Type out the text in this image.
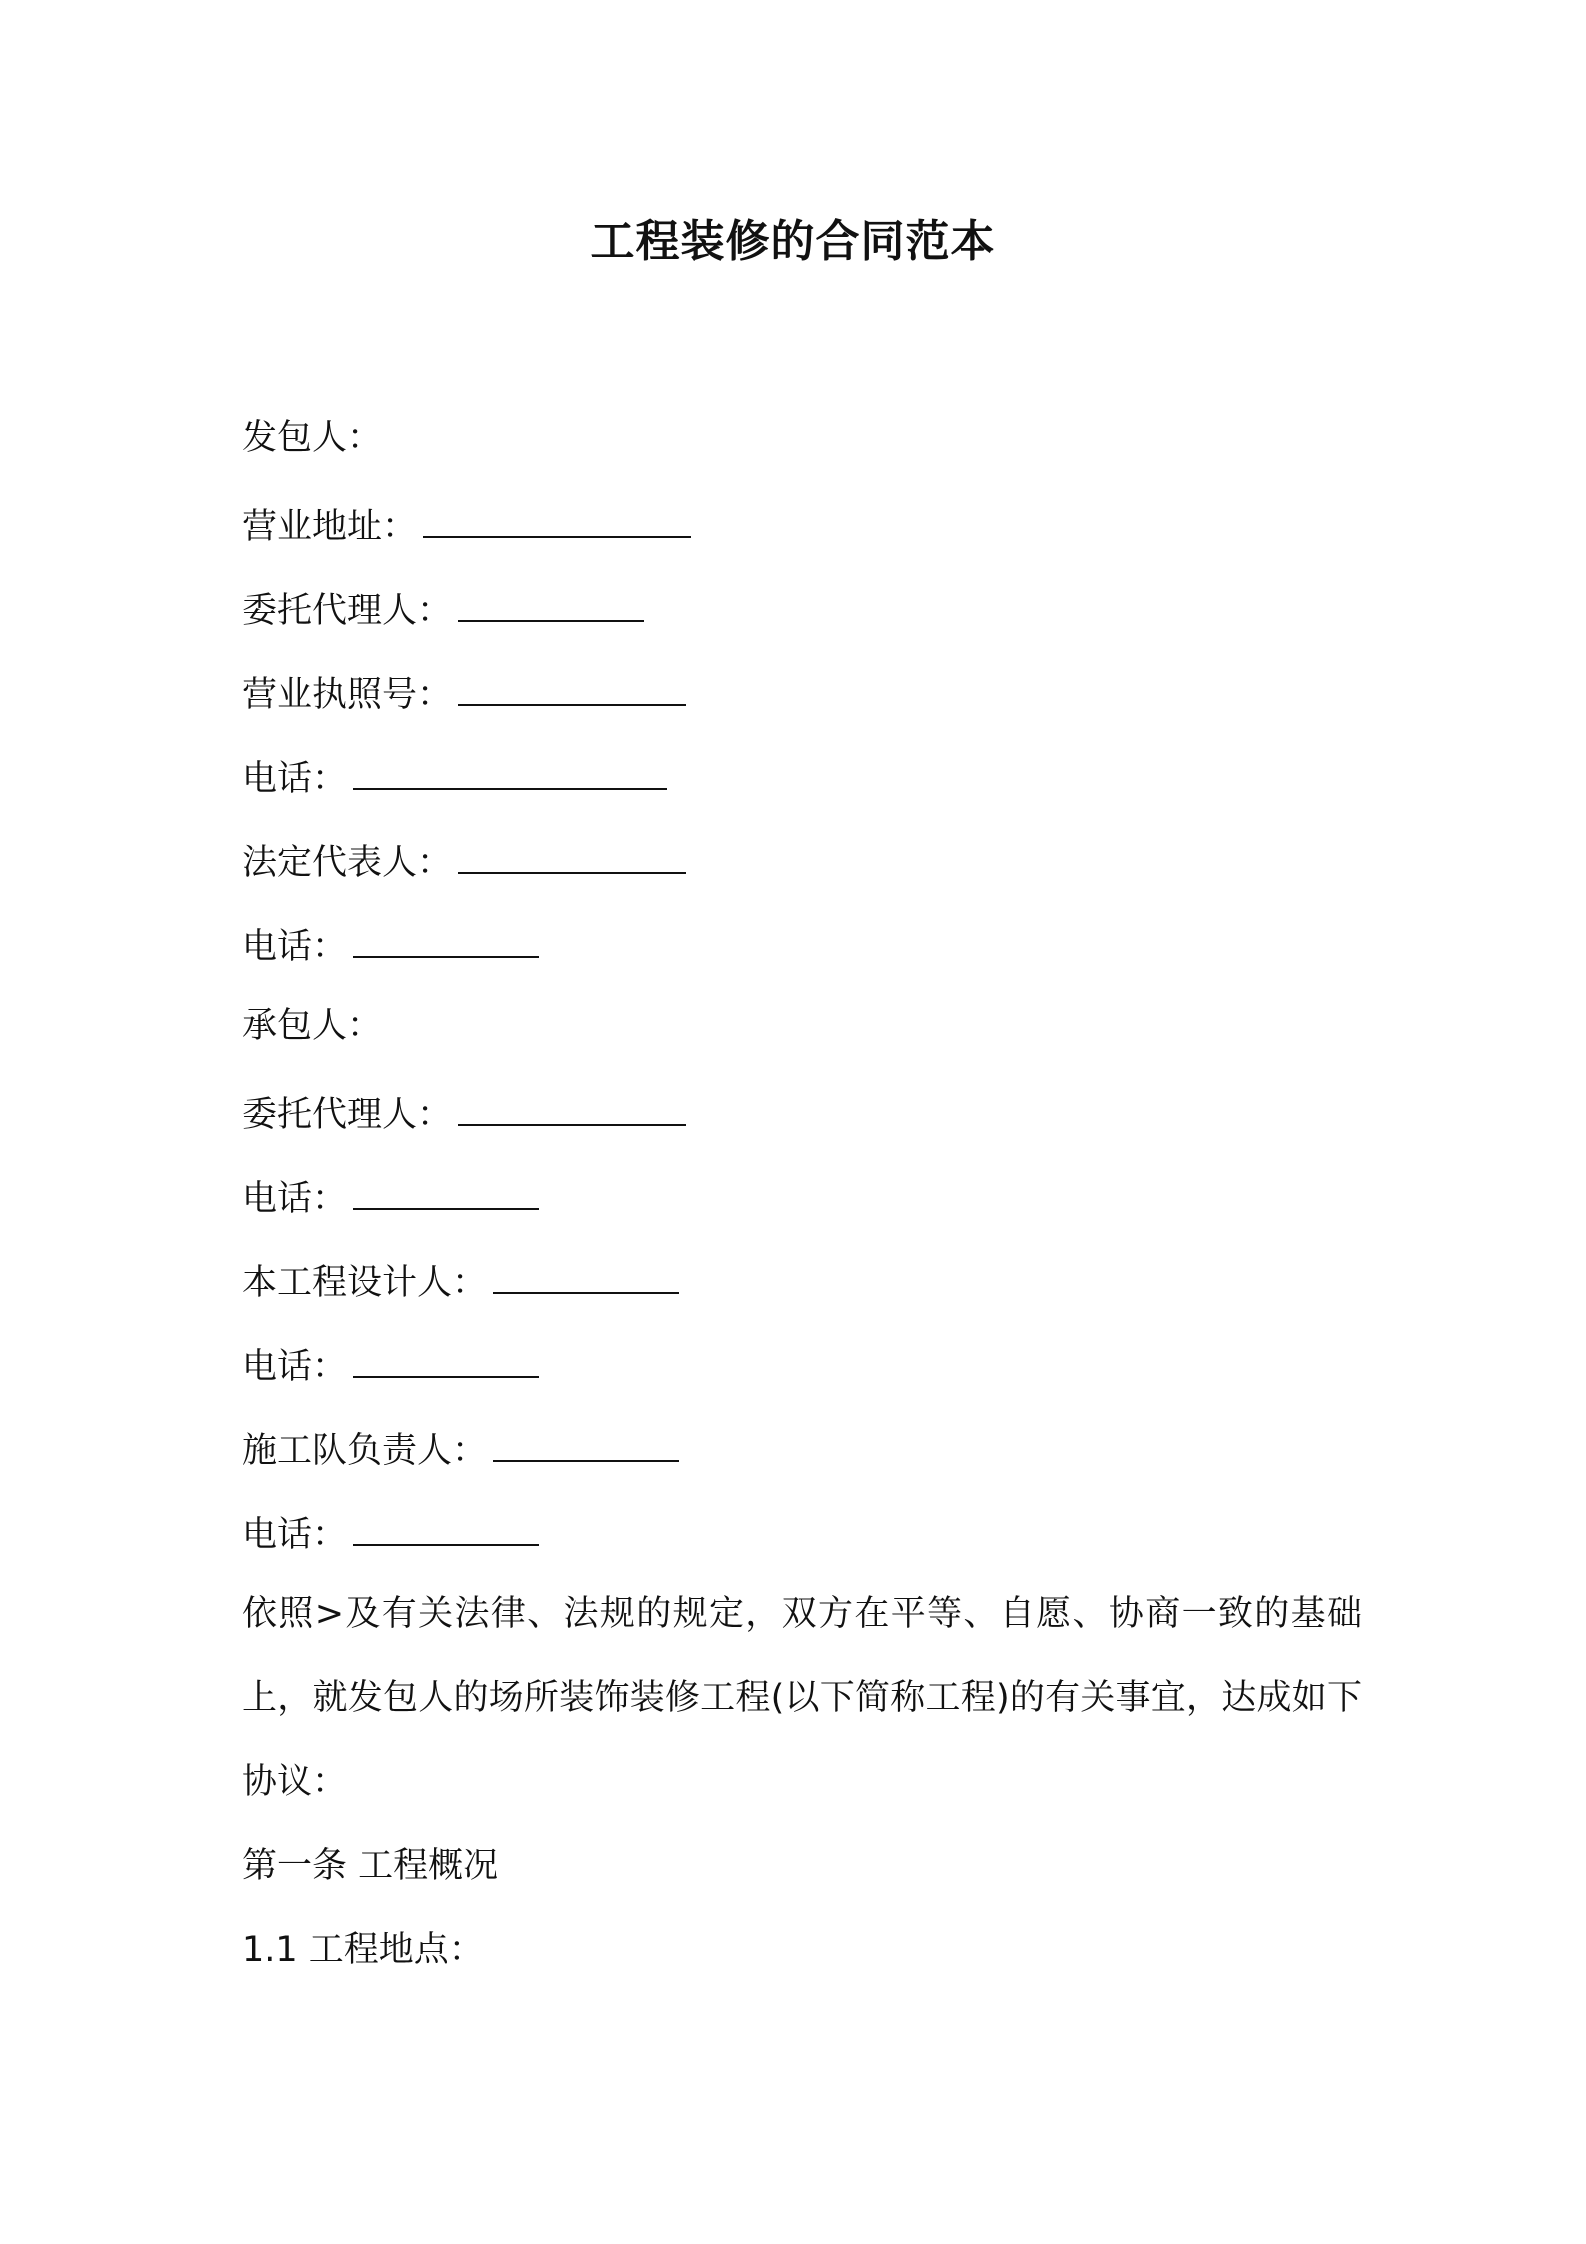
工程装修的合同范本
发包人：
营业地址：
委托代理人：
营业执照号：
电话：
法定代表人：
电话：
承包人：
委托代理人：
电话：
本工程设计人：
电话：
施工队负责人：
电话：
依照>及有关法律、法规的规定，双方在平等、自愿、协商一致的基础上，就发包人的场所装饰装修工程(以下简称工程)的有关事宜，达成如下协议：
第一条 工程概况
1.1 工程地点：
